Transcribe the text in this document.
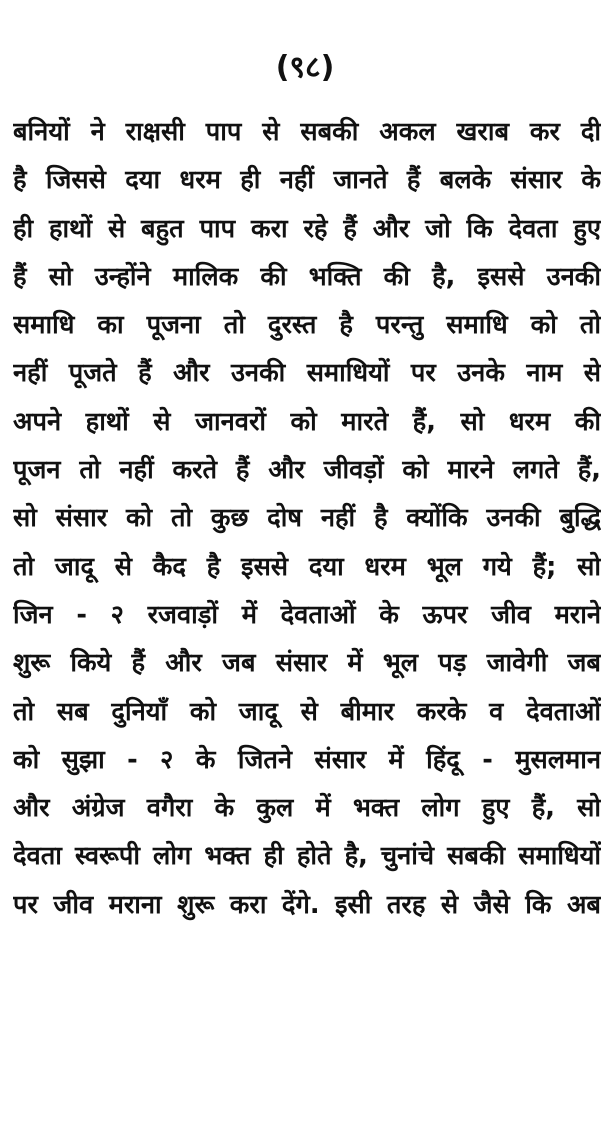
(९८)
बनियों ने राक्षसी पाप से सबकी अकल खराब कर दी
है जिससे दया धरम ही नहीं जानते हैं बलके संसार के
ही हाथों से बहुत पाप करा रहे हैं और जो कि देवता हुए
हैं सो उन्होंने मालिक की भक्ति की है, इससे उनकी
समाधि का पूजना तो दुरस्त है परन्तु समाधि को तो
नहीं पूजते हैं और उनकी समाधियों पर उनके नाम से
अपने हाथों से जानवरों को मारते हैं, सो धरम की
पूजन तो नहीं करते हैं और जीवड़ों को मारने लगते हैं,
सो संसार को तो कुछ दोष नहीं है क्योंकि उनकी बुद्धि
तो जादू से कैद है इससे दया धरम भूल गये हैं; सो
जिन - २ रजवाड़ों में देवताओं के ऊपर जीव मराने
शुरू किये हैं और जब संसार में भूल पड़ जावेगी जब
तो सब दुनियाँ को जादू से बीमार करके व देवताओं
को सुझा - २ के जितने संसार में हिंदू - मुसलमान
और अंग्रेज वगैरा के कुल में भक्त लोग हुए हैं, सो
देवता स्वरूपी लोग भक्त ही होते है, चुनांचे सबकी समाधियों
पर जीव मराना शुरू करा देंगे. इसी तरह से जैसे कि अब
